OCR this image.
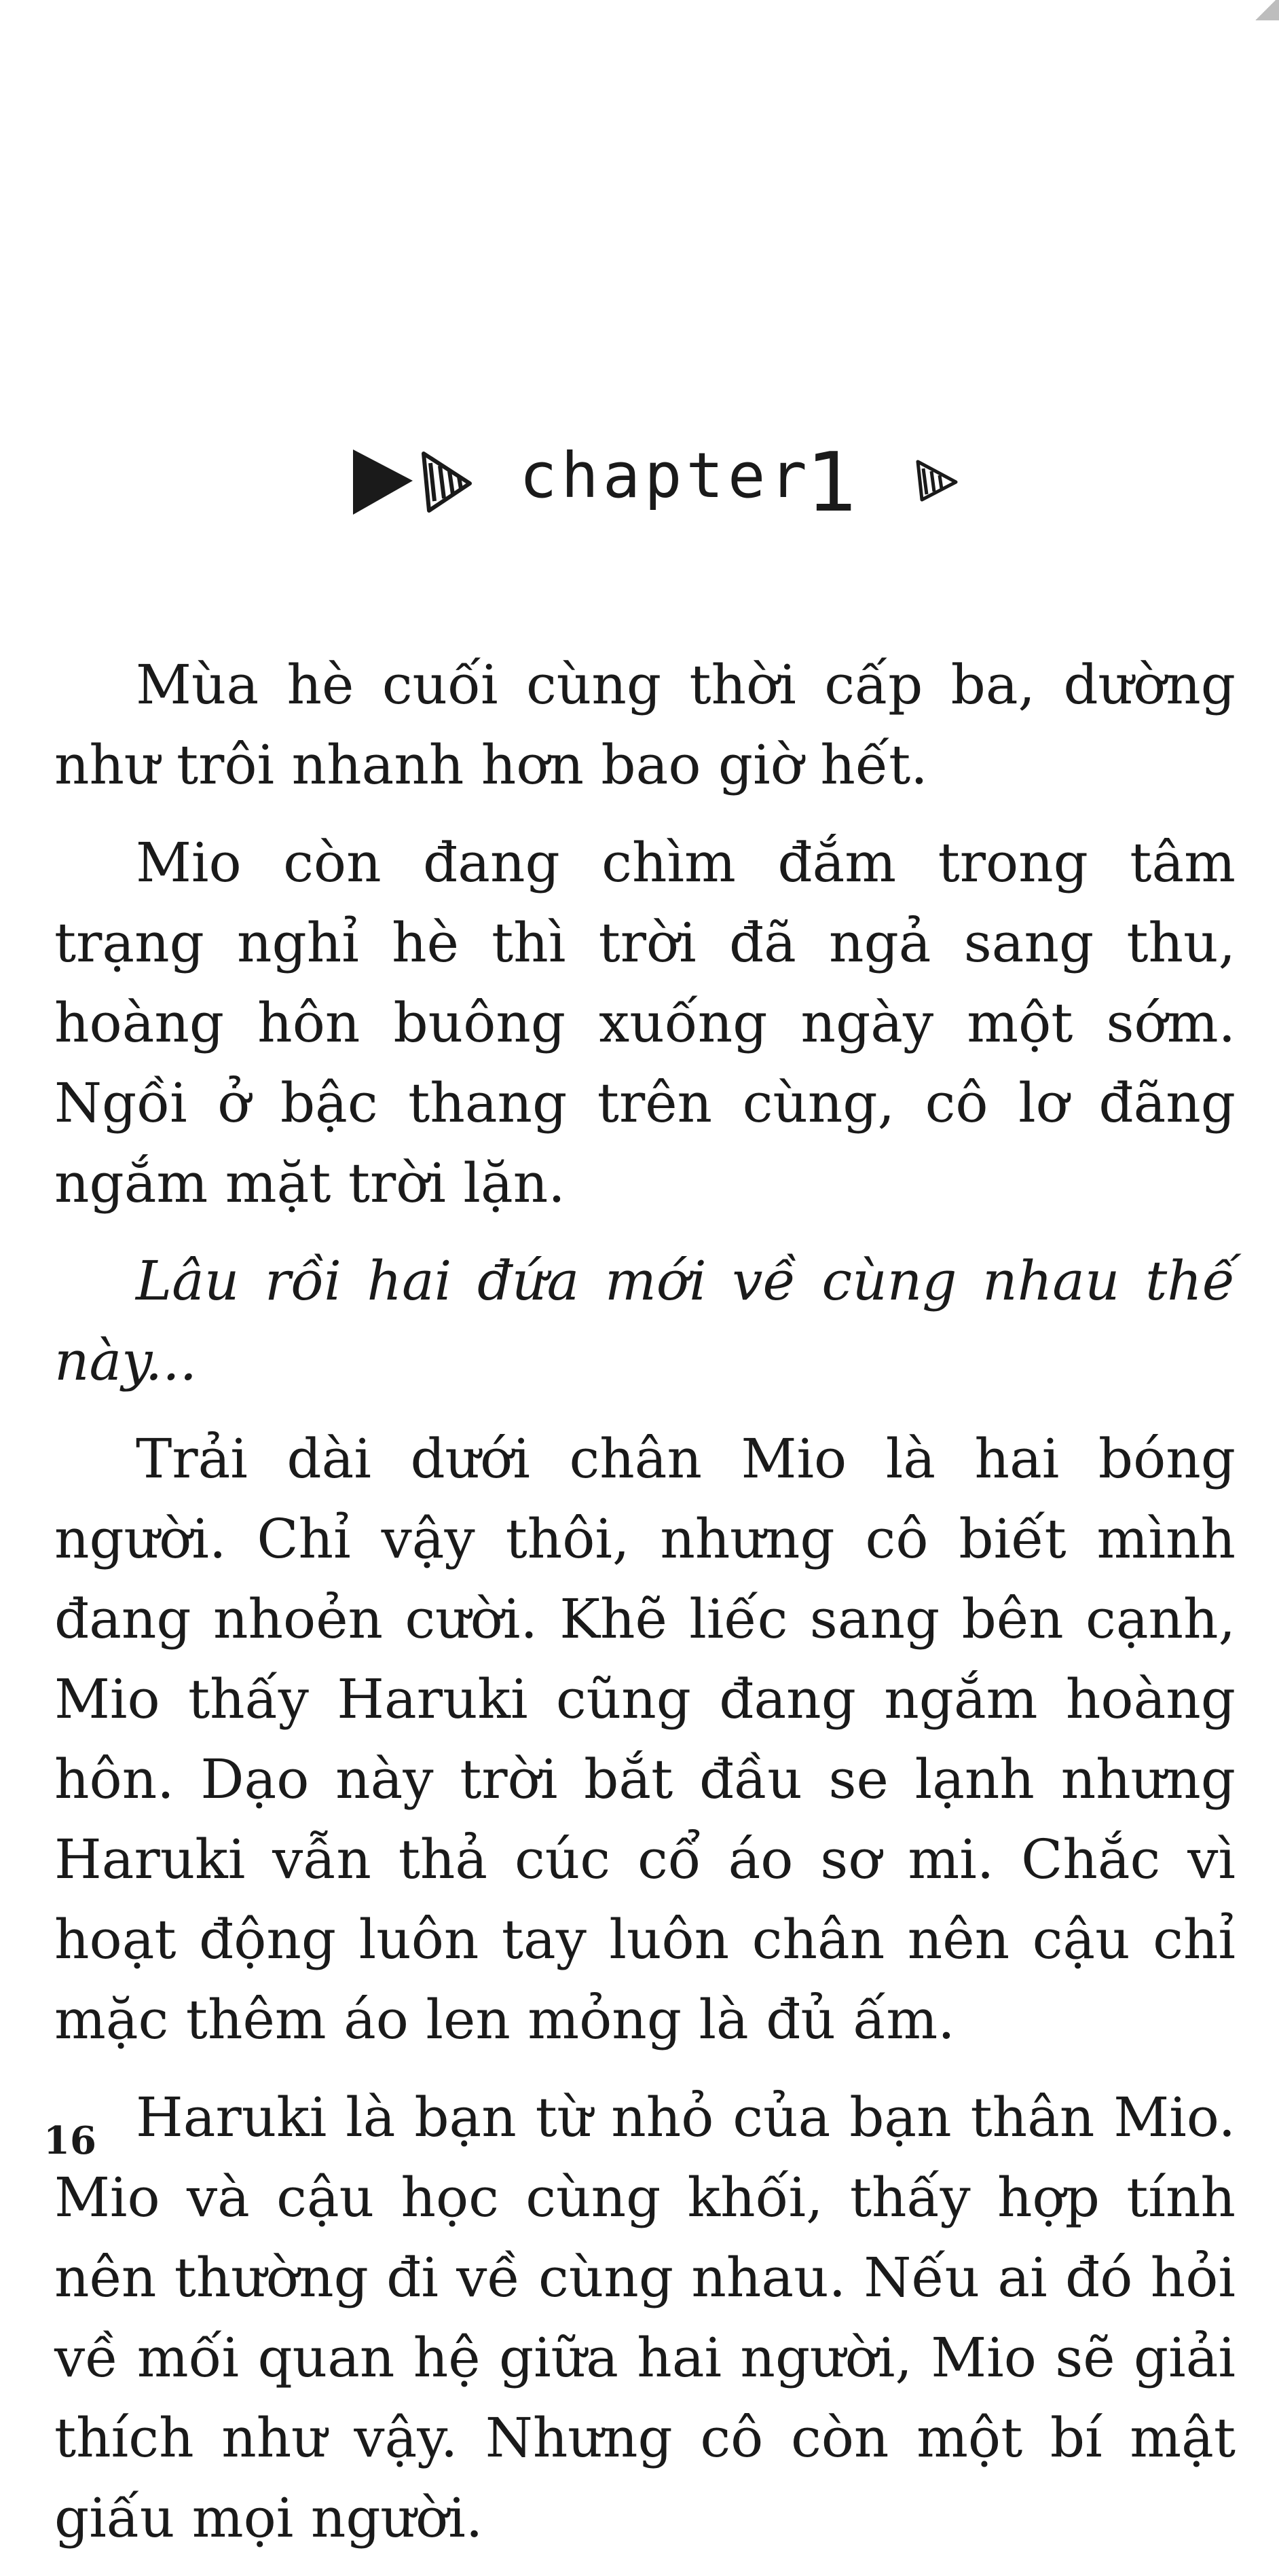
chapter
1

Mùa hè cuối cùng thời cấp ba, dường như trôi nhanh hơn bao giờ hết.

Mio còn đang chìm đắm trong tâm trạng nghỉ hè thì trời đã ngả sang thu, hoàng hôn buông xuống ngày một sớm. Ngồi ở bậc thang trên cùng, cô lơ đãng ngắm mặt trời lặn.

Lâu rồi hai đứa mới về cùng nhau thế này...

Trải dài dưới chân Mio là hai bóng người. Chỉ vậy thôi, nhưng cô biết mình đang nhoẻn cười. Khẽ liếc sang bên cạnh, Mio thấy Haruki cũng đang ngắm hoàng hôn. Dạo này trời bắt đầu se lạnh nhưng Haruki vẫn thả cúc cổ áo sơ mi. Chắc vì hoạt động luôn tay luôn chân nên cậu chỉ mặc thêm áo len mỏng là đủ ấm.

Haruki là bạn từ nhỏ của bạn thân Mio. Mio và cậu học cùng khối, thấy hợp tính nên thường đi về cùng nhau. Nếu ai đó hỏi về mối quan hệ giữa hai người, Mio sẽ giải thích như vậy. Nhưng cô còn một bí mật giấu mọi người.

16
